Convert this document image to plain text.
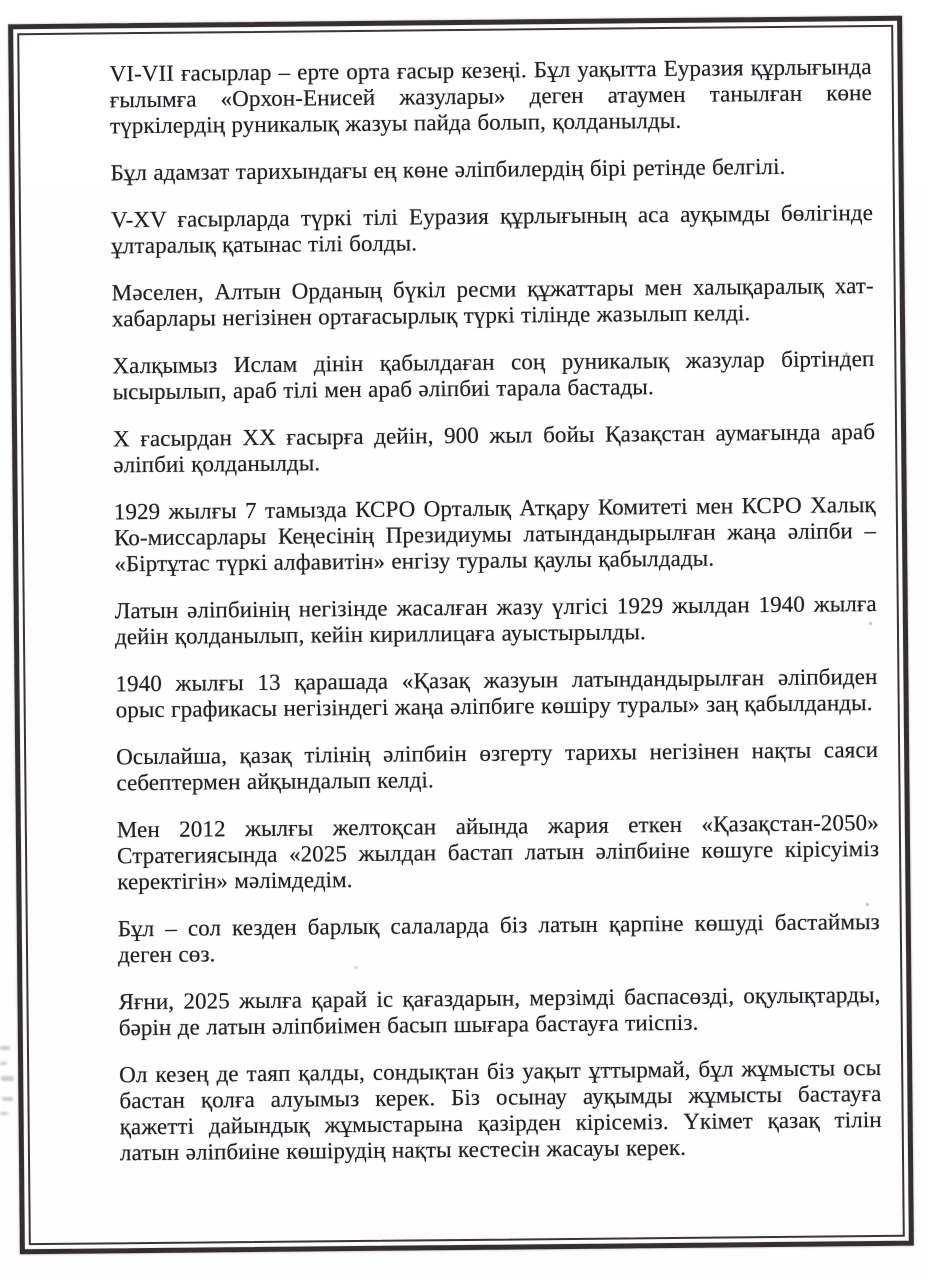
VI-VII ғасырлар – ерте орта ғасыр кезеңі. Бұл уақытта Еуразия құрлығында ғылымға «Орхон-Енисей жазулары» деген атаумен танылған көне түркілердің руникалық жазуы пайда болып, қолданылды.

Бұл адамзат тарихындағы ең көне әліпбилердің бірі ретінде белгілі.

V-XV ғасырларда түркі тілі Еуразия құрлығының аса ауқымды бөлігінде ұлтаралық қатынас тілі болды.

Мәселен, Алтын Орданың бүкіл ресми құжаттары мен халықаралық хат-хабарлары негізінен ортағасырлық түркі тілінде жазылып келді.

Халқымыз Ислам дінін қабылдаған соң руникалық жазулар біртіндеп ысырылып, араб тілі мен араб әліпбиі тарала бастады.

Х ғасырдан ХХ ғасырға дейін, 900 жыл бойы Қазақстан аумағында араб әліпбиі қолданылды.

1929 жылғы 7 тамызда КСРО Орталық Атқару Комитеті мен КСРО Халық Ко-миссарлары Кеңесінің Президиумы латындандырылған жаңа әліпби – «Біртұтас түркі алфавитін» енгізу туралы қаулы қабылдады.

Латын әліпбиінің негізінде жасалған жазу үлгісі 1929 жылдан 1940 жылға дейін қолданылып, кейін кириллицаға ауыстырылды.

1940 жылғы 13 қарашада «Қазақ жазуын латындандырылған әліпбиден орыс графикасы негізіндегі жаңа әліпбиге көшіру туралы» заң қабылданды.

Осылайша, қазақ тілінің әліпбиін өзгерту тарихы негізінен нақты саяси себептермен айқындалып келді.

Мен 2012 жылғы желтоқсан айында жария еткен «Қазақстан-2050» Стратегиясында «2025 жылдан бастап латын әліпбиіне көшуге кірісуіміз керектігін» мәлімдедім.

Бұл – сол кезден барлық салаларда біз латын қарпіне көшуді бастаймыз деген сөз.

Яғни, 2025 жылға қарай іс қағаздарын, мерзімді баспасөзді, оқулықтарды, бәрін де латын әліпбиімен басып шығара бастауға тиіспіз.

Ол кезең де таяп қалды, сондықтан біз уақыт ұттырмай, бұл жұмысты осы бастан қолға алуымыз керек. Біз осынау ауқымды жұмысты бастауға қажетті дайындық жұмыстарына қазірден кірісеміз. Үкімет қазақ тілін латын әліпбиіне көшірудің нақты кестесін жасауы керек.
